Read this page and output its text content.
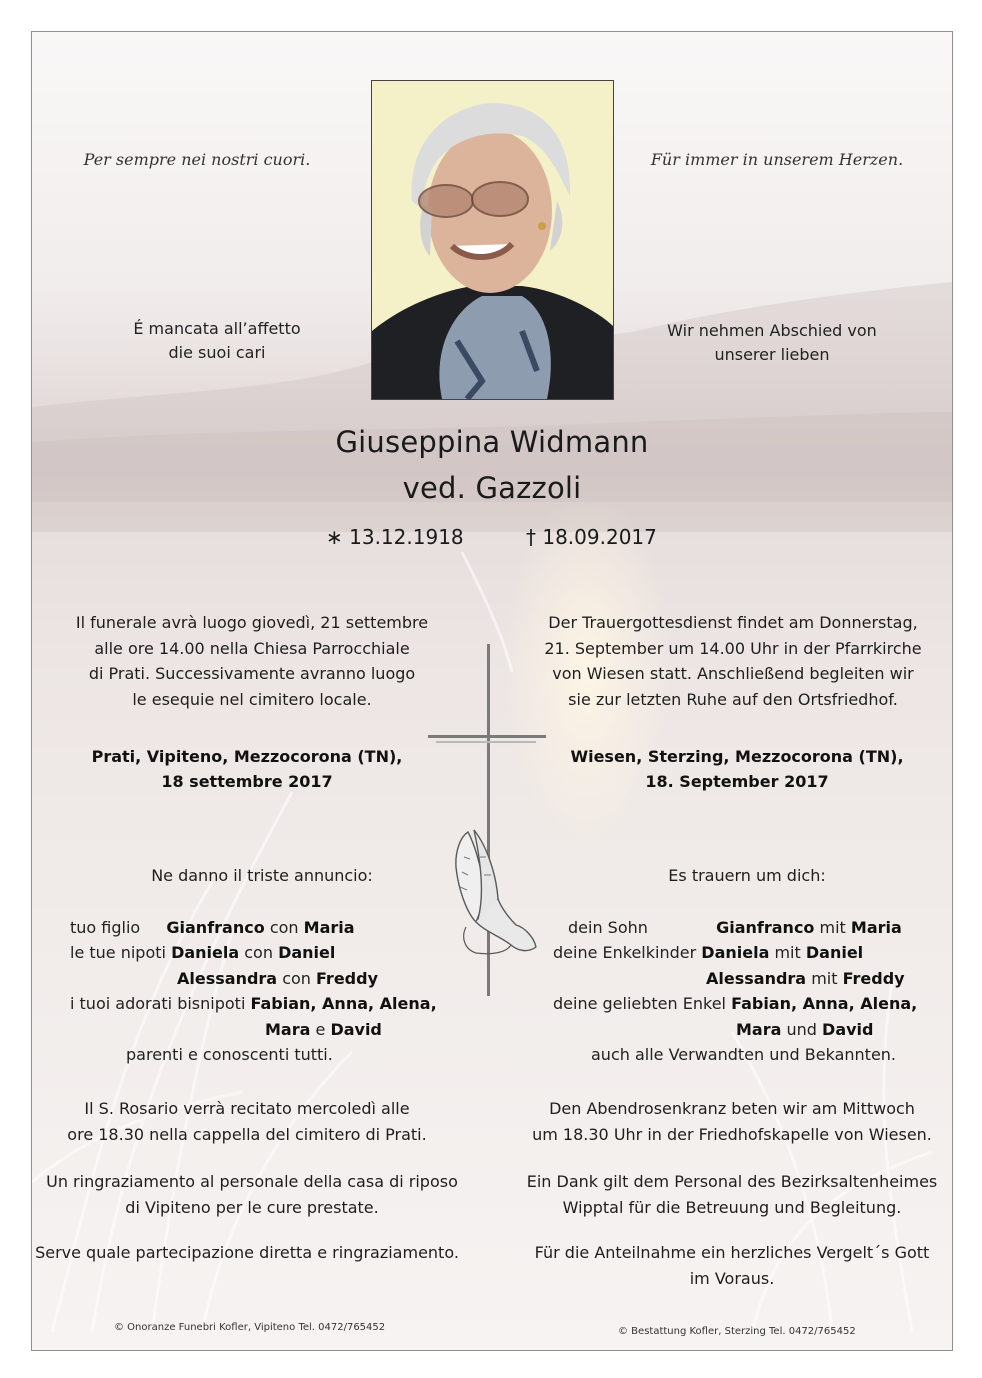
Per sempre nei nostri cuori.	Für immer in unserem Herzen.
É mancata all’affetto
die suoi cari
Wir nehmen Abschied von
unserer lieben
Giuseppina Widmann
ved. Gazzoli
∗ 13.12.1918	† 18.09.2017
Il funerale avrà luogo giovedì, 21 settembre
alle ore 14.00 nella Chiesa Parrocchiale
di Prati. Successivamente avranno luogo
le esequie nel cimitero locale.
Der Trauergottesdienst findet am Donnerstag,
21. September um 14.00 Uhr in der Pfarrkirche
von Wiesen statt. Anschließend begleiten wir
sie zur letzten Ruhe auf den Ortsfriedhof.
Prati, Vipiteno, Mezzocorona (TN),
18 settembre 2017
Wiesen, Sterzing, Mezzocorona (TN),
18. September 2017
Ne danno il triste annuncio:	Es trauern um dich:
tuo figlio Gianfranco con Maria
le tue nipoti Daniela con Daniel
Alessandra con Freddy
i tuoi adorati bisnipoti Fabian, Anna, Alena,
Mara e David
parenti e conoscenti tutti.
dein Sohn	Gianfranco mit Maria
deine Enkelkinder Daniela mit Daniel
Alessandra mit Freddy
deine geliebten Enkel Fabian, Anna, Alena,
Mara und David
auch alle Verwandten und Bekannten.
Il S. Rosario verrà recitato mercoledì alle
ore 18.30 nella cappella del cimitero di Prati.
Den Abendrosenkranz beten wir am Mittwoch
um 18.30 Uhr in der Friedhofskapelle von Wiesen.
Un ringraziamento al personale della casa di riposo
di Vipiteno per le cure prestate.
Ein Dank gilt dem Personal des Bezirksaltenheimes
Wipptal für die Betreuung und Begleitung.
Serve quale partecipazione diretta e ringraziamento.	Für die Anteilnahme ein herzliches Vergelt´s Gott
im Voraus.
© Onoranze Funebri Kofler, Vipiteno Tel. 0472/765452	© Bestattung Kofler, Sterzing Tel. 0472/765452
